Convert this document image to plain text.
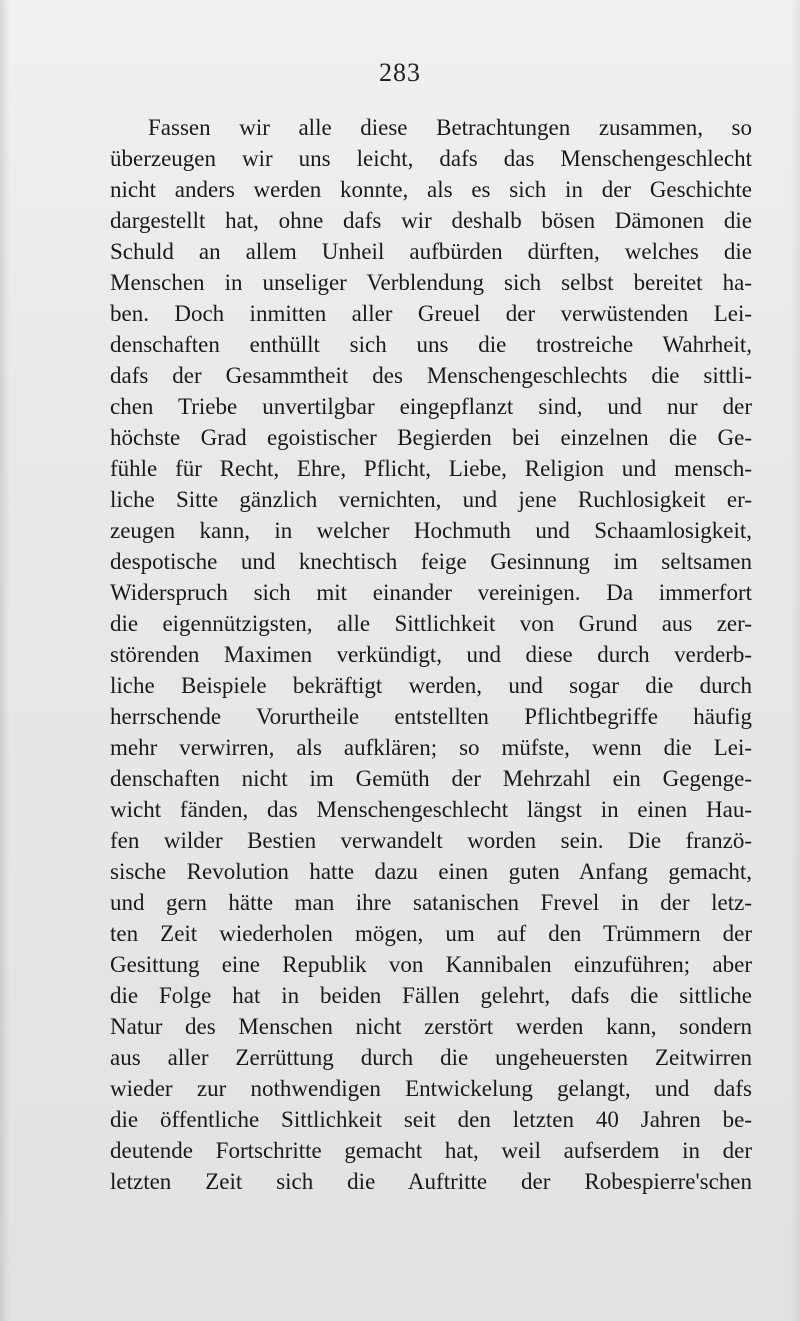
283
Fassen wir alle diese Betrachtungen zusammen, so
überzeugen wir uns leicht, dafs das Menschengeschlecht
nicht anders werden konnte, als es sich in der Geschichte
dargestellt hat, ohne dafs wir deshalb bösen Dämonen die
Schuld an allem Unheil aufbürden dürften, welches die
Menschen in unseliger Verblendung sich selbst bereitet ha-
ben. Doch inmitten aller Greuel der verwüstenden Lei-
denschaften enthüllt sich uns die trostreiche Wahrheit,
dafs der Gesammtheit des Menschengeschlechts die sittli-
chen Triebe unvertilgbar eingepflanzt sind, und nur der
höchste Grad egoistischer Begierden bei einzelnen die Ge-
fühle für Recht, Ehre, Pflicht, Liebe, Religion und mensch-
liche Sitte gänzlich vernichten, und jene Ruchlosigkeit er-
zeugen kann, in welcher Hochmuth und Schaamlosigkeit,
despotische und knechtisch feige Gesinnung im seltsamen
Widerspruch sich mit einander vereinigen. Da immerfort
die eigennützigsten, alle Sittlichkeit von Grund aus zer-
störenden Maximen verkündigt, und diese durch verderb-
liche Beispiele bekräftigt werden, und sogar die durch
herrschende Vorurtheile entstellten Pflichtbegriffe häufig
mehr verwirren, als aufklären; so müfste, wenn die Lei-
denschaften nicht im Gemüth der Mehrzahl ein Gegenge-
wicht fänden, das Menschengeschlecht längst in einen Hau-
fen wilder Bestien verwandelt worden sein. Die franzö-
sische Revolution hatte dazu einen guten Anfang gemacht,
und gern hätte man ihre satanischen Frevel in der letz-
ten Zeit wiederholen mögen, um auf den Trümmern der
Gesittung eine Republik von Kannibalen einzuführen; aber
die Folge hat in beiden Fällen gelehrt, dafs die sittliche
Natur des Menschen nicht zerstört werden kann, sondern
aus aller Zerrüttung durch die ungeheuersten Zeitwirren
wieder zur nothwendigen Entwickelung gelangt, und dafs
die öffentliche Sittlichkeit seit den letzten 40 Jahren be-
deutende Fortschritte gemacht hat, weil aufserdem in der
letzten Zeit sich die Auftritte der Robespierre'schen
